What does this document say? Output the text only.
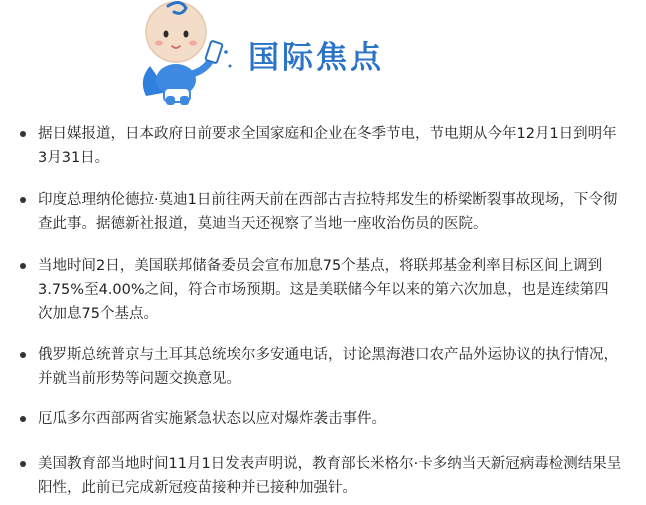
国际焦点
据日媒报道，日本政府日前要求全国家庭和企业在冬季节电，节电期从今年12月1日到明年3月31日。
印度总理纳伦德拉·莫迪1日前往两天前在西部古吉拉特邦发生的桥梁断裂事故现场，下令彻查此事。据德新社报道，莫迪当天还视察了当地一座收治伤员的医院。
当地时间2日，美国联邦储备委员会宣布加息75个基点，将联邦基金利率目标区间上调到3.75%至4.00%之间，符合市场预期。这是美联储今年以来的第六次加息，也是连续第四次加息75个基点。
俄罗斯总统普京与土耳其总统埃尔多安通电话，讨论黑海港口农产品外运协议的执行情况，并就当前形势等问题交换意见。
厄瓜多尔西部两省实施紧急状态以应对爆炸袭击事件。
美国教育部当地时间11月1日发表声明说，教育部长米格尔·卡多纳当天新冠病毒检测结果呈阳性，此前已完成新冠疫苗接种并已接种加强针。
